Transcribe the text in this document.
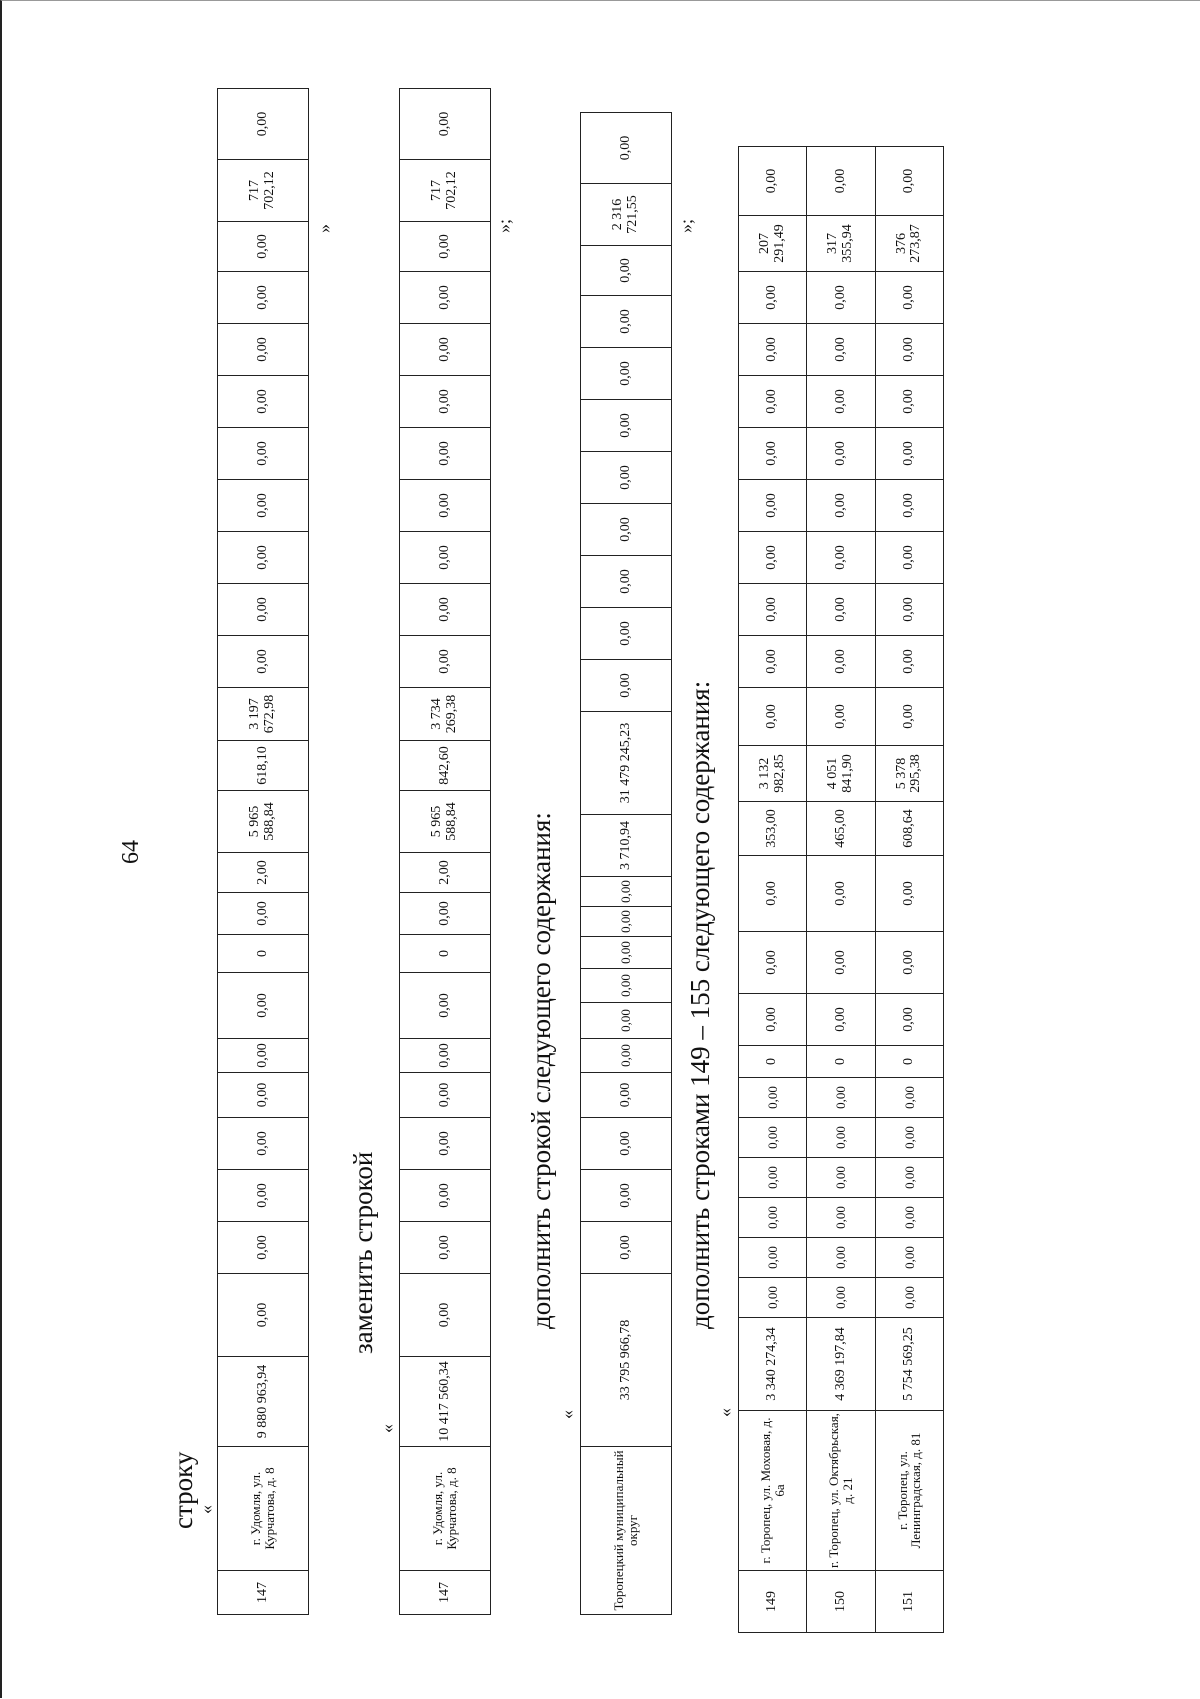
64
строку
«
147	г. Удомля, ул. Курчатова, д. 8	9 880 963,94	0,00	0,00	0,00	0,00	0,00	0,00	0,00	0	0,00	2,00	5 965 588,84	618,10	3 197 672,98	0,00	0,00	0,00	0,00	0,00	0,00	0,00	0,00	0,00	717 702,12	0,00
»
заменить строкой
«
147	г. Удомля, ул. Курчатова, д. 8	10 417 560,34	0,00	0,00	0,00	0,00	0,00	0,00	0,00	0	0,00	2,00	5 965 588,84	842,60	3 734 269,38	0,00	0,00	0,00	0,00	0,00	0,00	0,00	0,00	0,00	717 702,12	0,00
»;
дополнить строкой следующего содержания:
«
Торопецкий муниципальный округ	33 795 966,78	0,00	0,00	0,00	0,00	0,00	0,00	0,00	0,00	0,00	0,00	3 710,94	31 479 245,23	0,00	0,00	0,00	0,00	0,00	0,00	0,00	0,00	0,00	2 316 721,55	0,00
»;
дополнить строками 149 – 155 следующего содержания:
«
149	г. Торопец, ул. Моховая, д. 6а	3 340 274,34	0,00	0,00	0,00	0,00	0,00	0,00	0	0,00	0,00	0,00	353,00	3 132 982,85	0,00	0,00	0,00	0,00	0,00	0,00	0,00	0,00	0,00	207 291,49	0,00
150	г. Торопец, ул. Октябрьская, д. 21	4 369 197,84	0,00	0,00	0,00	0,00	0,00	0,00	0	0,00	0,00	0,00	465,00	4 051 841,90	0,00	0,00	0,00	0,00	0,00	0,00	0,00	0,00	0,00	317 355,94	0,00
151	г. Торопец, ул. Ленинградская, д. 81	5 754 569,25	0,00	0,00	0,00	0,00	0,00	0,00	0	0,00	0,00	0,00	608,64	5 378 295,38	0,00	0,00	0,00	0,00	0,00	0,00	0,00	0,00	0,00	376 273,87	0,00
